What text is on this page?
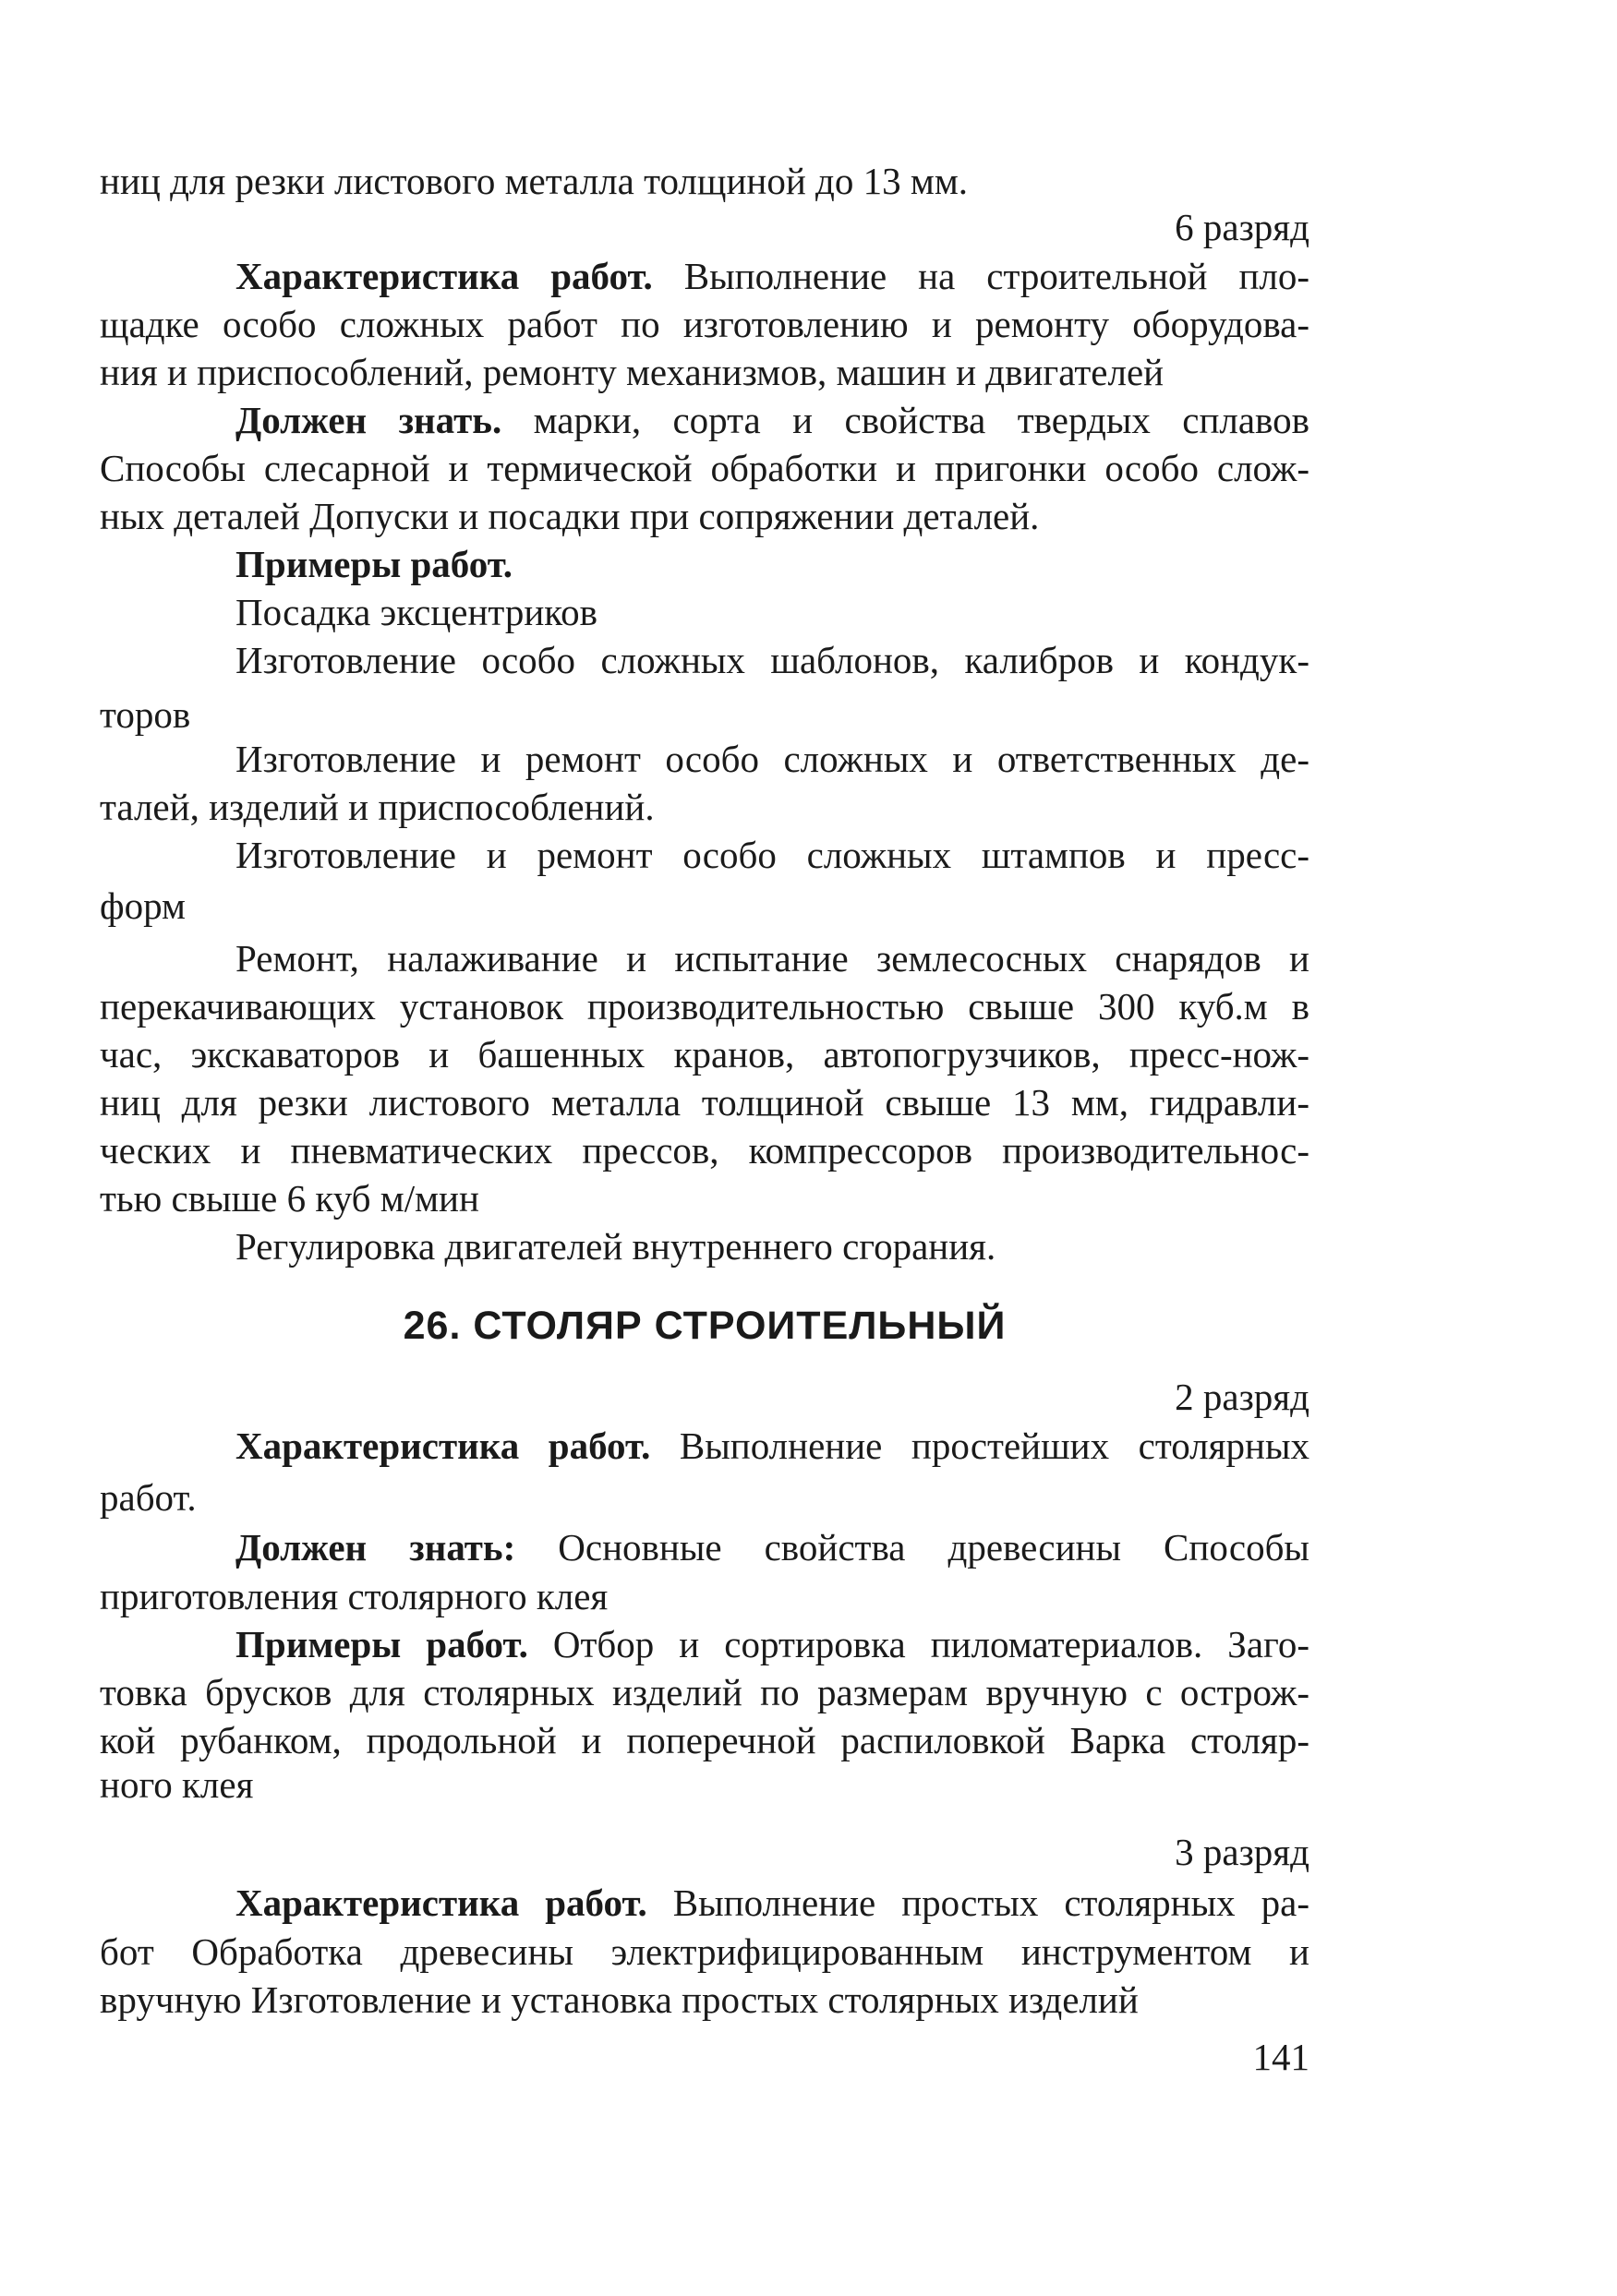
ниц для резки листового металла толщиной до 13 мм.
6 разряд
Характеристика работ. Выполнение на строительной пло-
щадке особо сложных работ по изготовлению и ремонту оборудова-
ния и приспособлений, ремонту механизмов, машин и двигателей
Должен знать. марки, сорта и свойства твердых сплавов
Способы слесарной и термической обработки и пригонки особо слож-
ных деталей Допуски и посадки при сопряжении деталей.
Примеры работ.
Посадка эксцентриков
Изготовление особо сложных шаблонов, калибров и кондук-
торов
Изготовление и ремонт особо сложных и ответственных де-
талей, изделий и приспособлений.
Изготовление и ремонт особо сложных штампов и пресс-
форм
Ремонт, налаживание и испытание землесосных снарядов и
перекачивающих установок производительностью свыше 300 куб.м в
час, экскаваторов и башенных кранов, автопогрузчиков, пресс-нож-
ниц для резки листового металла толщиной свыше 13 мм, гидравли-
ческих и пневматических прессов, компрессоров производительнос-
тью свыше 6 куб м/мин
Регулировка двигателей внутреннего сгорания.
26. СТОЛЯР СТРОИТЕЛЬНЫЙ
2 разряд
Характеристика работ. Выполнение простейших столярных
работ.
Должен знать: Основные свойства древесины Способы
приготовления столярного клея
Примеры работ. Отбор и сортировка пиломатериалов. Заго-
товка брусков для столярных изделий по размерам вручную с острож-
кой рубанком, продольной и поперечной распиловкой Варка столяр-
ного клея
3 разряд
Характеристика работ. Выполнение простых столярных ра-
бот Обработка древесины электрифицированным инструментом и
вручную Изготовление и установка простых столярных изделий
141
